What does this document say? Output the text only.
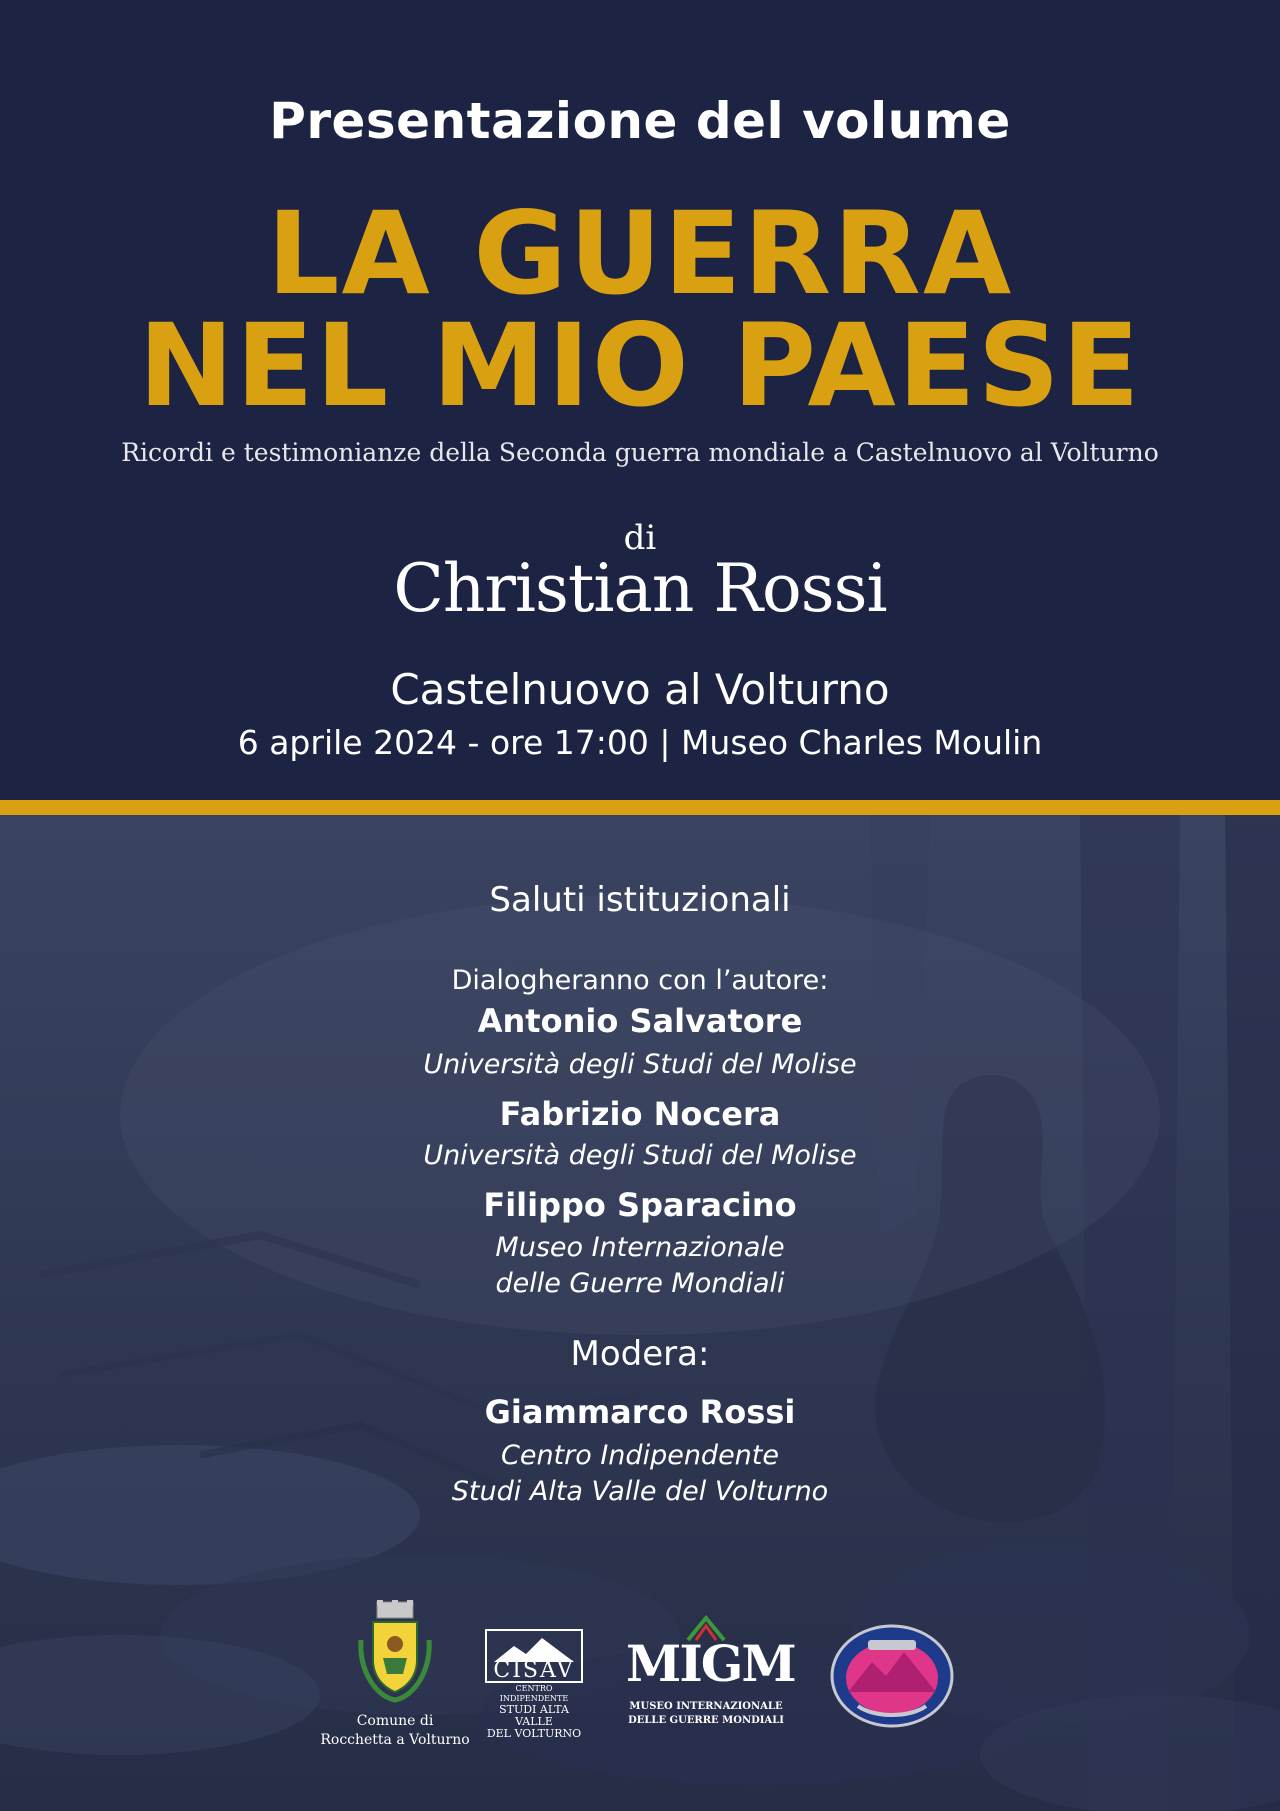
Presentazione del volume
LA GUERRA
NEL MIO PAESE
Ricordi e testimonianze della Seconda guerra mondiale a Castelnuovo al Volturno
di
Christian Rossi
Castelnuovo al Volturno
6 aprile 2024 - ore 17:00 | Museo Charles Moulin
Saluti istituzionali
Dialogheranno con l’autore:
Antonio Salvatore
Università degli Studi del Molise
Fabrizio Nocera
Università degli Studi del Molise
Filippo Sparacino
Museo Internazionale
delle Guerre Mondiali
Modera:
Giammarco Rossi
Centro Indipendente
Studi Alta Valle del Volturno
Comune di
Rocchetta a Volturno
CISAV
CENTRO INDIPENDENTE
STUDI ALTA VALLE
DEL VOLTURNO
MIGM
MUSEO INTERNAZIONALE
DELLE GUERRE MONDIALI
